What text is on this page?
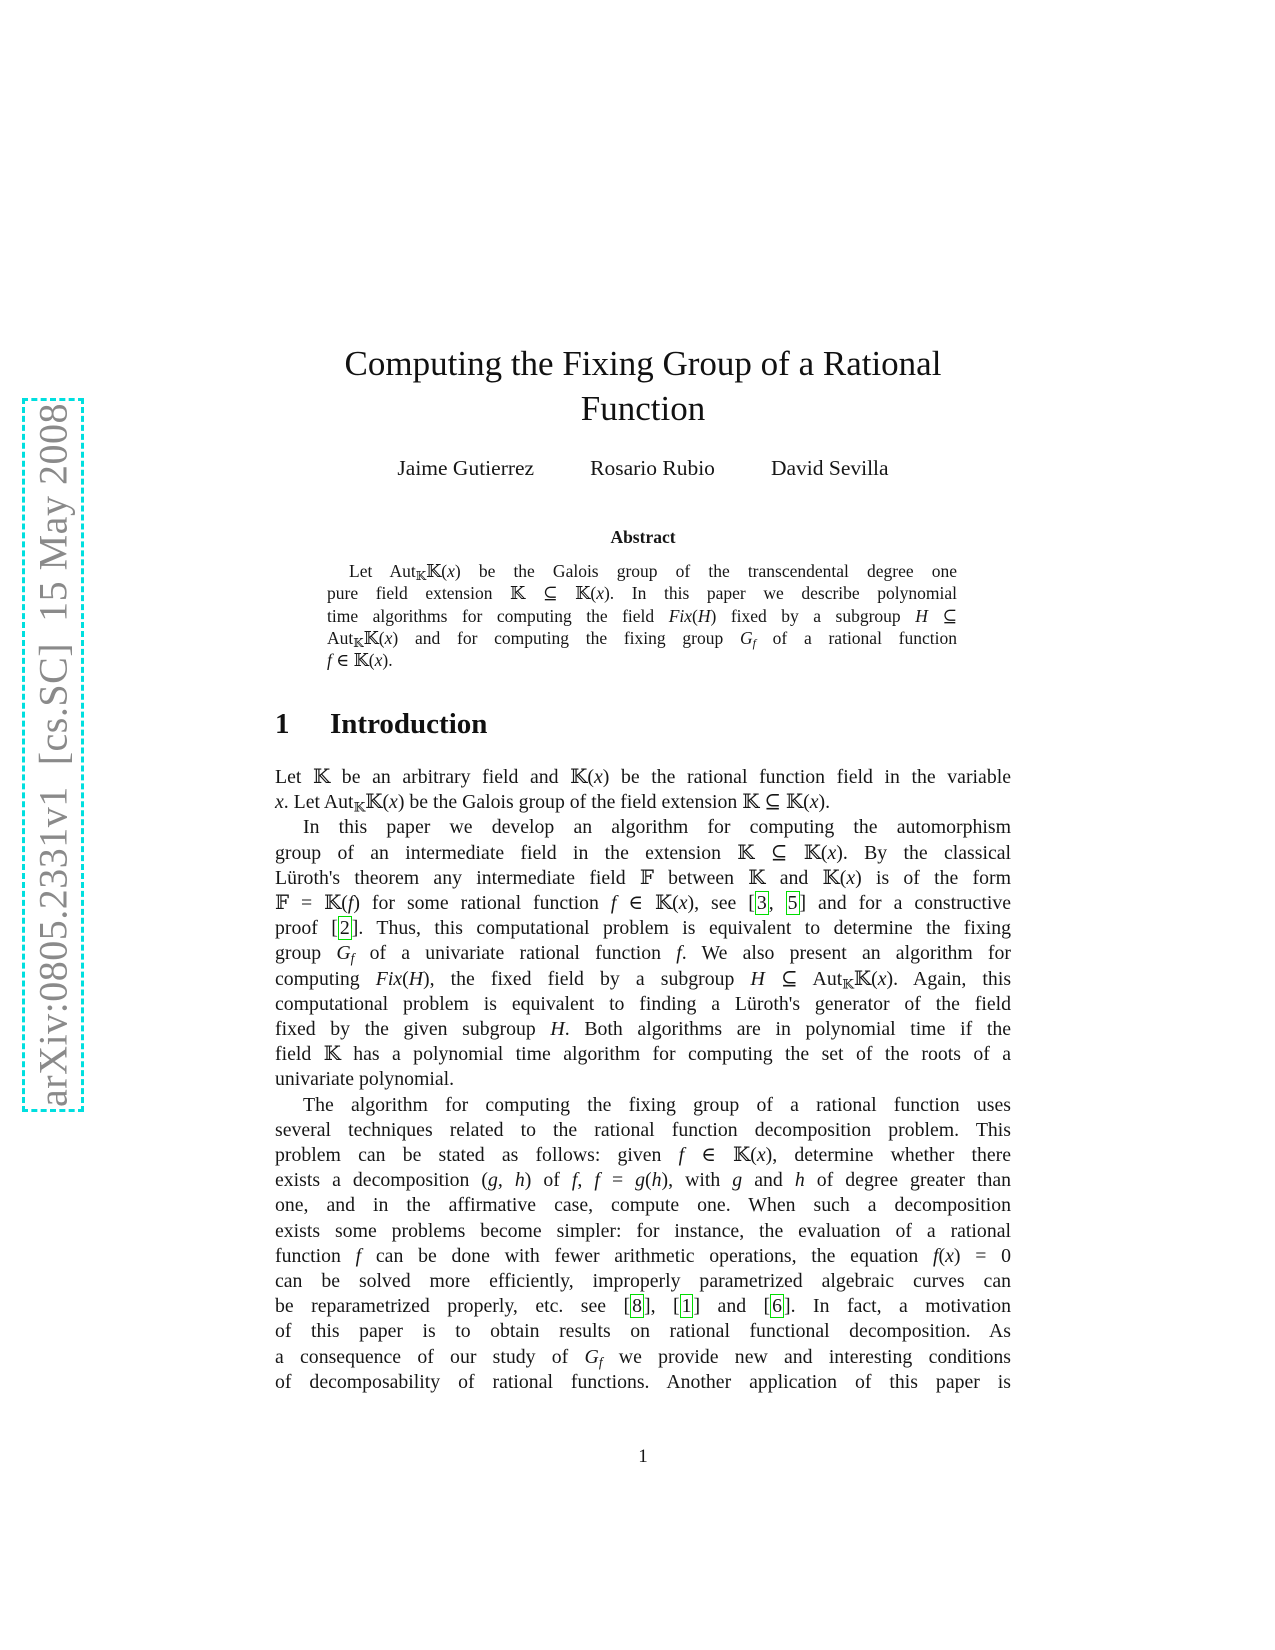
arXiv:0805.2331v1  [cs.SC]  15 May 2008
Computing the Fixing Group of a Rational
Function
Jaime Gutierrez	Rosario Rubio	David Sevilla
Abstract
Let Aut$_𝕂$𝕂(x) be the Galois group of the transcendental degree one
pure field extension 𝕂 ⊆ 𝕂(x). In this paper we describe polynomial
time algorithms for computing the field Fix(H) fixed by a subgroup H ⊆
Aut$_𝕂$𝕂(x) and for computing the fixing group $G_f$ of a rational function
f ∈ 𝕂(x).
1 Introduction
Let 𝕂 be an arbitrary field and 𝕂(x) be the rational function field in the variable
x. Let Aut$_𝕂$𝕂(x) be the Galois group of the field extension 𝕂 ⊆ 𝕂(x).
In this paper we develop an algorithm for computing the automorphism
group of an intermediate field in the extension 𝕂 ⊆ 𝕂(x). By the classical
Lüroth's theorem any intermediate field 𝔽 between 𝕂 and 𝕂(x) is of the form
𝔽 = 𝕂(f) for some rational function f ∈ 𝕂(x), see [ 3 , 5 ] and for a constructive
proof [ 2 ]. Thus, this computational problem is equivalent to determine the fixing
group $G_f$ of a univariate rational function f. We also present an algorithm for
computing Fix(H), the fixed field by a subgroup H ⊆ Aut$_𝕂$𝕂(x). Again, this
computational problem is equivalent to finding a Lüroth's generator of the field
fixed by the given subgroup H. Both algorithms are in polynomial time if the
field 𝕂 has a polynomial time algorithm for computing the set of the roots of a
univariate polynomial.
The algorithm for computing the fixing group of a rational function uses
several techniques related to the rational function decomposition problem. This
problem can be stated as follows: given f ∈ 𝕂(x), determine whether there
exists a decomposition (g, h) of f, f = g(h), with g and h of degree greater than
one, and in the affirmative case, compute one. When such a decomposition
exists some problems become simpler: for instance, the evaluation of a rational
function f can be done with fewer arithmetic operations, the equation f(x) = 0
can be solved more efficiently, improperly parametrized algebraic curves can
be reparametrized properly, etc. see [ 8 ], [ 1 ] and [ 6 ]. In fact, a motivation
of this paper is to obtain results on rational functional decomposition. As
a consequence of our study of $G_f$ we provide new and interesting conditions
of decomposability of rational functions. Another application of this paper is
1
